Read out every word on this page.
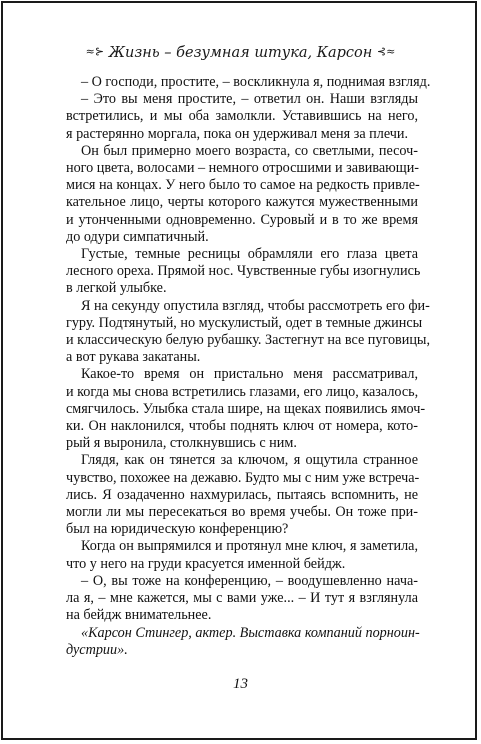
≈⊱ Жизнь – безумная штука, Карсон ⊰≈
– О господи, простите, – воскликнула я, поднимая взгляд.
– Это вы меня простите, – ответил он. Наши взгляды
встретились, и мы оба замолкли. Уставившись на него,
я растерянно моргала, пока он удерживал меня за плечи.
Он был примерно моего возраста, со светлыми, песоч-
ного цвета, волосами – немного отросшими и завивающи-
мися на концах. У него было то самое на редкость привле-
кательное лицо, черты которого кажутся мужественными
и утонченными одновременно. Суровый и в то же время
до одури симпатичный.
Густые, темные ресницы обрамляли его глаза цвета
лесного ореха. Прямой нос. Чувственные губы изогнулись
в легкой улыбке.
Я на секунду опустила взгляд, чтобы рассмотреть его фи-
гуру. Подтянутый, но мускулистый, одет в темные джинсы
и классическую белую рубашку. Застегнут на все пуговицы,
а вот рукава закатаны.
Какое-то время он пристально меня рассматривал,
и когда мы снова встретились глазами, его лицо, казалось,
смягчилось. Улыбка стала шире, на щеках появились ямоч-
ки. Он наклонился, чтобы поднять ключ от номера, кото-
рый я выронила, столкнувшись с ним.
Глядя, как он тянется за ключом, я ощутила странное
чувство, похожее на дежавю. Будто мы с ним уже встреча-
лись. Я озадаченно нахмурилась, пытаясь вспомнить, не
могли ли мы пересекаться во время учебы. Он тоже при-
был на юридическую конференцию?
Когда он выпрямился и протянул мне ключ, я заметила,
что у него на груди красуется именной бейдж.
– О, вы тоже на конференцию, – воодушевленно нача-
ла я, – мне кажется, мы с вами уже... – И тут я взглянула
на бейдж внимательнее.
«Карсон Стингер, актер. Выставка компаний порноин-
дустрии».
13
